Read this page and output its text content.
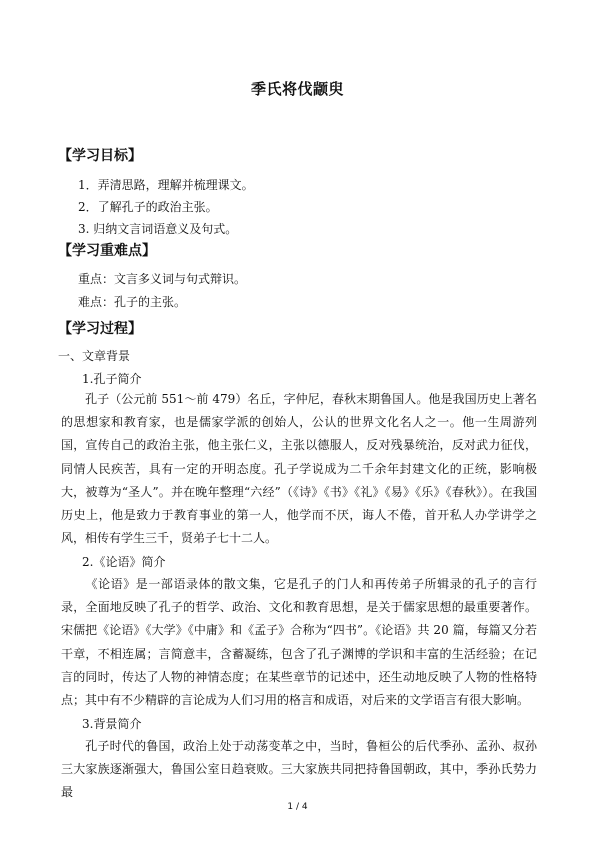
季氏将伐颛臾
【学习目标】
1．弄清思路，理解并梳理课文。
2．了解孔子的政治主张。
3. 归纳文言词语意义及句式。
【学习重难点】
重点：文言多义词与句式辩识。
难点：孔子的主张。
【学习过程】
一、文章背景
1.孔子简介
孔子（公元前 551～前 479）名丘，字仲尼，春秋末期鲁国人。他是我国历史上著名的思想家和教育家，也是儒家学派的创始人，公认的世界文化名人之一。他一生周游列国，宣传自己的政治主张，他主张仁义，主张以德服人，反对残暴统治，反对武力征伐，同情人民疾苦，具有一定的开明态度。孔子学说成为二千余年封建文化的正统，影响极大，被尊为“圣人”。并在晚年整理“六经”（《诗》《书》《礼》《易》《乐》《春秋》）。在我国历史上，他是致力于教育事业的第一人，他学而不厌，诲人不倦，首开私人办学讲学之风，相传有学生三千，贤弟子七十二人。
2.《论语》简介
《论语》是一部语录体的散文集，它是孔子的门人和再传弟子所辑录的孔子的言行录，全面地反映了孔子的哲学、政治、文化和教育思想，是关于儒家思想的最重要著作。宋儒把《论语》《大学》《中庸》和《孟子》合称为“四书”。《论语》共 20 篇，每篇又分若干章，不相连属；言简意丰，含蓄凝练，包含了孔子渊博的学识和丰富的生活经验；在记言的同时，传达了人物的神情态度；在某些章节的记述中，还生动地反映了人物的性格特点；其中有不少精辟的言论成为人们习用的格言和成语，对后来的文学语言有很大影响。
3.背景简介
孔子时代的鲁国，政治上处于动荡变革之中，当时，鲁桓公的后代季孙、孟孙、叔孙三大家族逐渐强大，鲁国公室日趋衰败。三大家族共同把持鲁国朝政，其中，季孙氏势力最
1 / 4
